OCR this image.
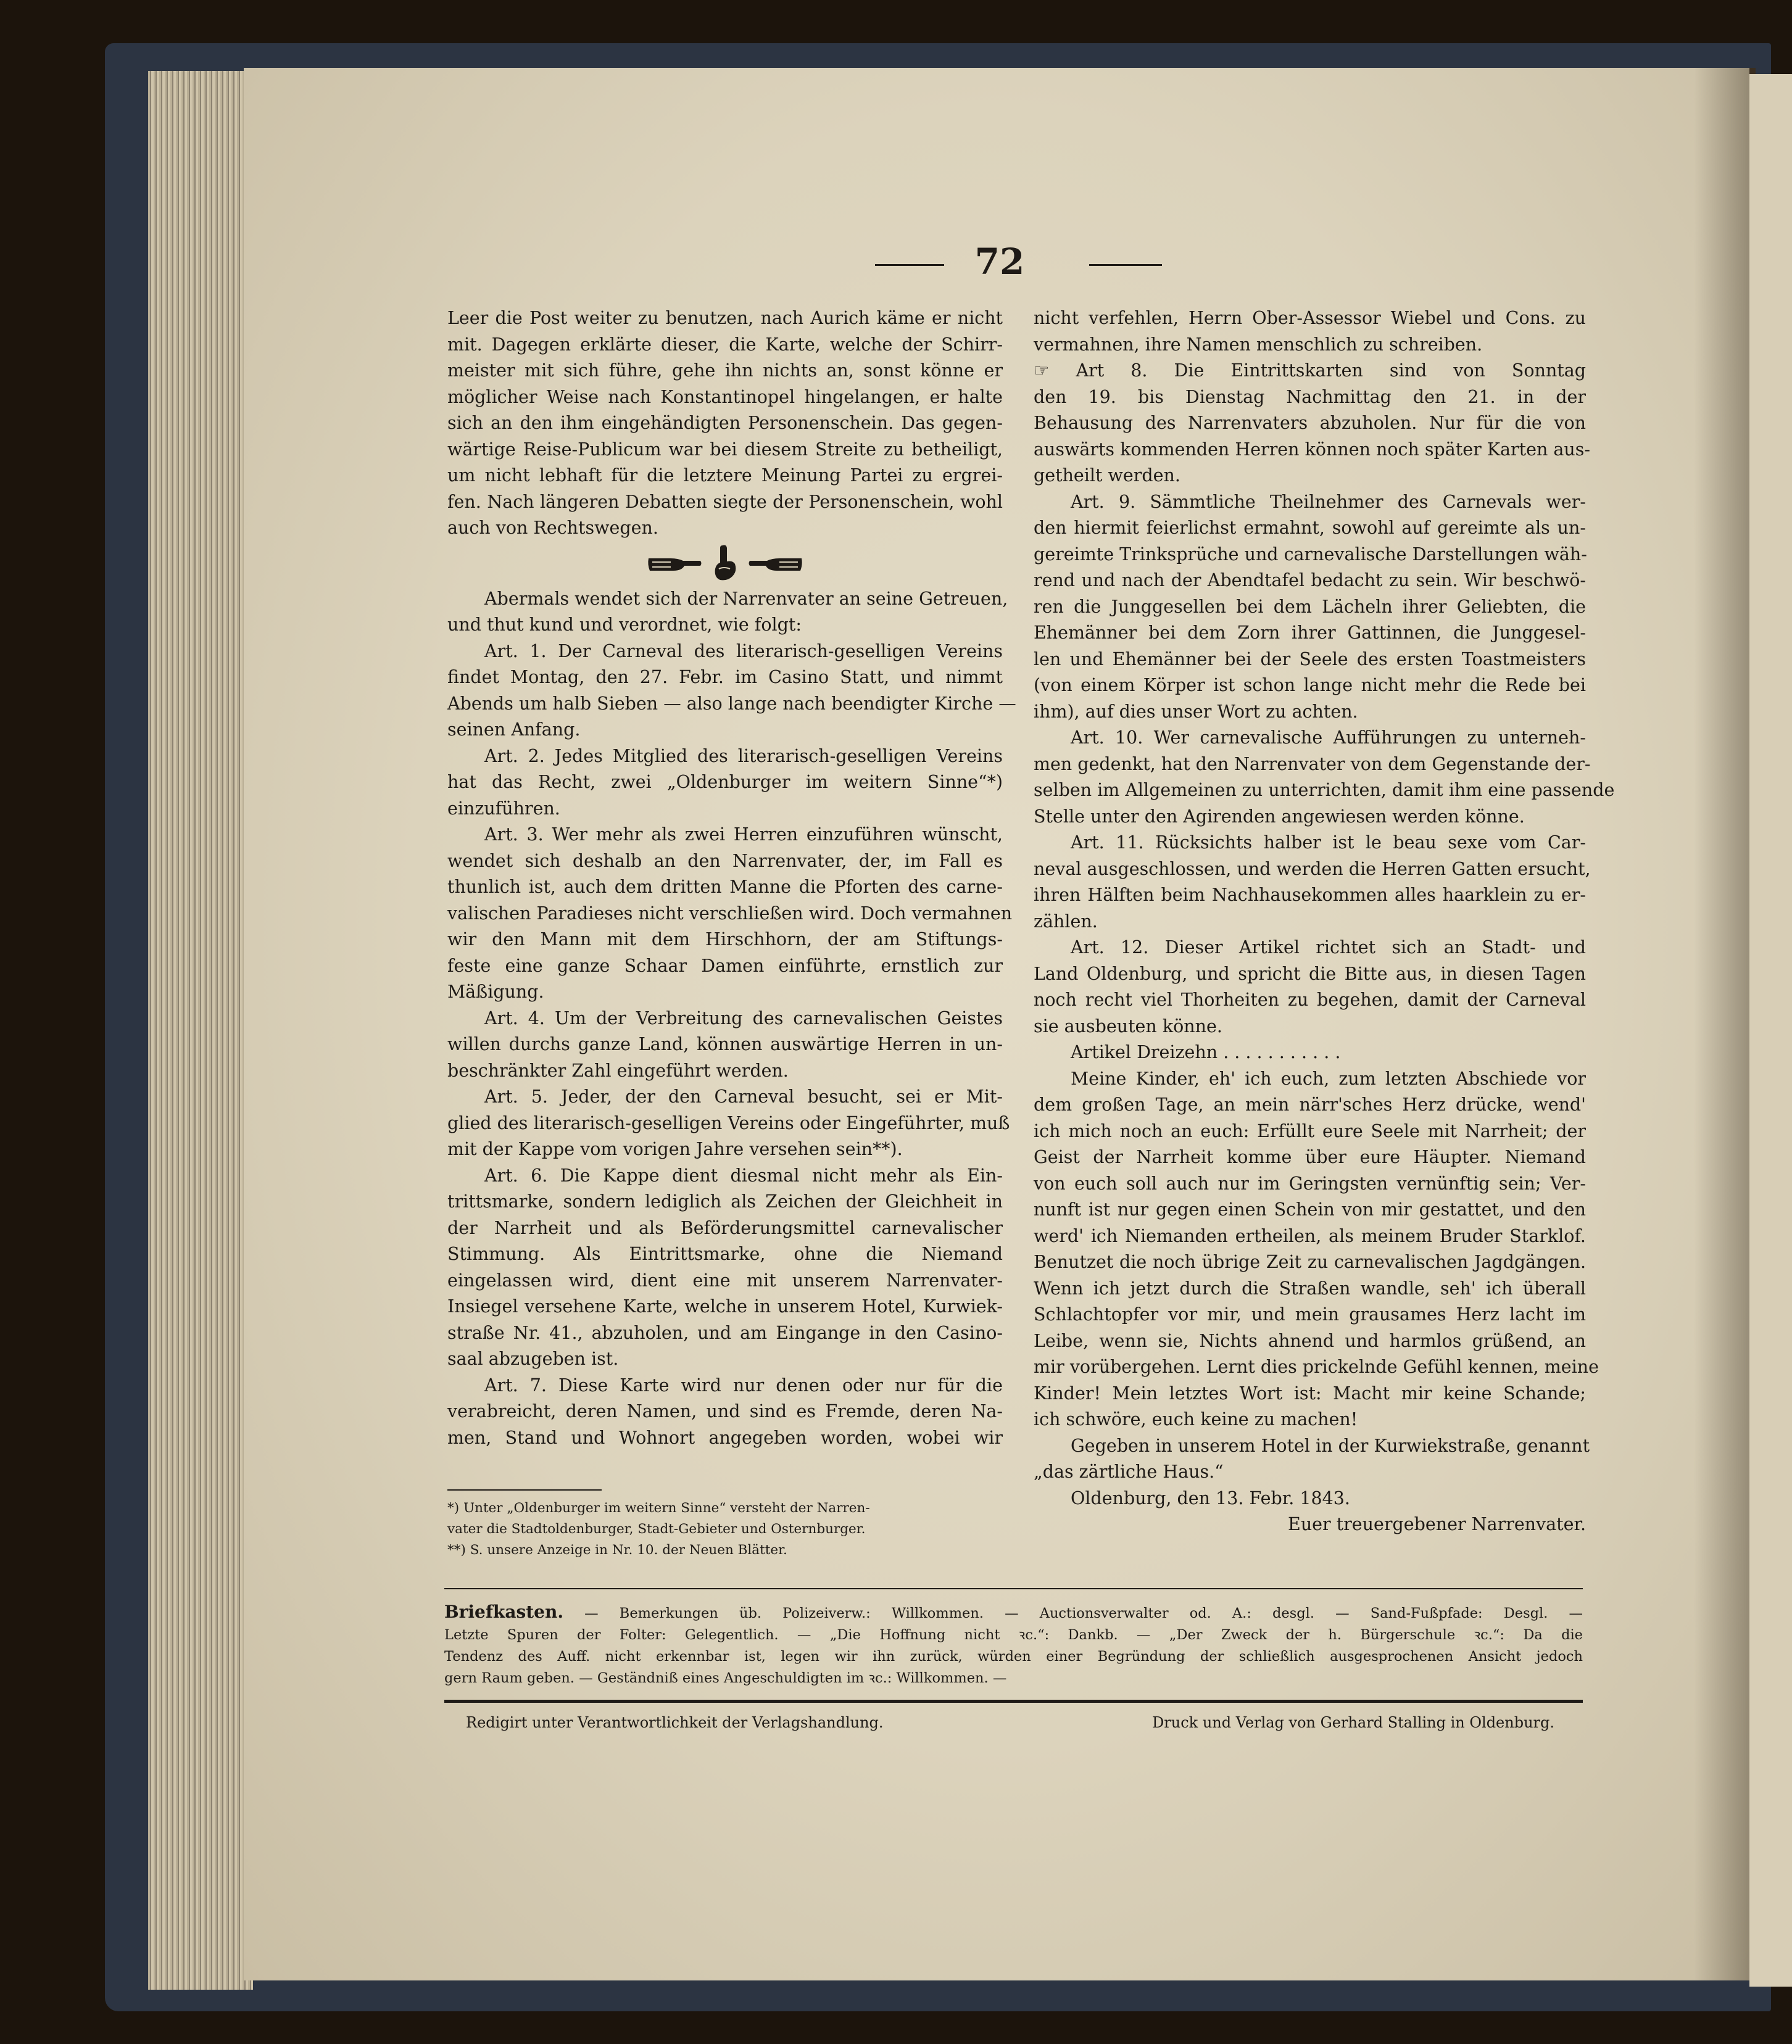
72
Leer die Post weiter zu benutzen, nach Aurich käme er nicht
mit. Dagegen erklärte dieser, die Karte, welche der Schirr-
meister mit sich führe, gehe ihn nichts an, sonst könne er
möglicher Weise nach Konstantinopel hingelangen, er halte
sich an den ihm eingehändigten Personenschein. Das gegen-
wärtige Reise-Publicum war bei diesem Streite zu betheiligt,
um nicht lebhaft für die letztere Meinung Partei zu ergrei-
fen. Nach längeren Debatten siegte der Personenschein, wohl
auch von Rechtswegen.
Abermals wendet sich der Narrenvater an seine Getreuen,
und thut kund und verordnet, wie folgt:
Art. 1. Der Carneval des literarisch-geselligen Vereins
findet Montag, den 27. Febr. im Casino Statt, und nimmt
Abends um halb Sieben — also lange nach beendigter Kirche —
seinen Anfang.
Art. 2. Jedes Mitglied des literarisch-geselligen Vereins
hat das Recht, zwei „Oldenburger im weitern Sinne“*)
einzuführen.
Art. 3. Wer mehr als zwei Herren einzuführen wünscht,
wendet sich deshalb an den Narrenvater, der, im Fall es
thunlich ist, auch dem dritten Manne die Pforten des carne-
valischen Paradieses nicht verschließen wird. Doch vermahnen
wir den Mann mit dem Hirschhorn, der am Stiftungs-
feste eine ganze Schaar Damen einführte, ernstlich zur
Mäßigung.
Art. 4. Um der Verbreitung des carnevalischen Geistes
willen durchs ganze Land, können auswärtige Herren in un-
beschränkter Zahl eingeführt werden.
Art. 5. Jeder, der den Carneval besucht, sei er Mit-
glied des literarisch-geselligen Vereins oder Eingeführter, muß
mit der Kappe vom vorigen Jahre versehen sein**).
Art. 6. Die Kappe dient diesmal nicht mehr als Ein-
trittsmarke, sondern lediglich als Zeichen der Gleichheit in
der Narrheit und als Beförderungsmittel carnevalischer
Stimmung. Als Eintrittsmarke, ohne die Niemand
eingelassen wird, dient eine mit unserem Narrenvater-
Insiegel versehene Karte, welche in unserem Hotel, Kurwiek-
straße Nr. 41., abzuholen, und am Eingange in den Casino-
saal abzugeben ist.
Art. 7. Diese Karte wird nur denen oder nur für die
verabreicht, deren Namen, und sind es Fremde, deren Na-
men, Stand und Wohnort angegeben worden, wobei wir
nicht verfehlen, Herrn Ober-Assessor Wiebel und Cons. zu
vermahnen, ihre Namen menschlich zu schreiben.
☞ Art 8. Die Eintrittskarten sind von Sonntag
den 19. bis Dienstag Nachmittag den 21. in der
Behausung des Narrenvaters abzuholen. Nur für die von
auswärts kommenden Herren können noch später Karten aus-
getheilt werden.
Art. 9. Sämmtliche Theilnehmer des Carnevals wer-
den hiermit feierlichst ermahnt, sowohl auf gereimte als un-
gereimte Trinksprüche und carnevalische Darstellungen wäh-
rend und nach der Abendtafel bedacht zu sein. Wir beschwö-
ren die Junggesellen bei dem Lächeln ihrer Geliebten, die
Ehemänner bei dem Zorn ihrer Gattinnen, die Junggesel-
len und Ehemänner bei der Seele des ersten Toastmeisters
(von einem Körper ist schon lange nicht mehr die Rede bei
ihm), auf dies unser Wort zu achten.
Art. 10. Wer carnevalische Aufführungen zu unterneh-
men gedenkt, hat den Narrenvater von dem Gegenstande der-
selben im Allgemeinen zu unterrichten, damit ihm eine passende
Stelle unter den Agirenden angewiesen werden könne.
Art. 11. Rücksichts halber ist le beau sexe vom Car-
neval ausgeschlossen, und werden die Herren Gatten ersucht,
ihren Hälften beim Nachhausekommen alles haarklein zu er-
zählen.
Art. 12. Dieser Artikel richtet sich an Stadt- und
Land Oldenburg, und spricht die Bitte aus, in diesen Tagen
noch recht viel Thorheiten zu begehen, damit der Carneval
sie ausbeuten könne.
Artikel Dreizehn . . . . . . . . . . .
Meine Kinder, eh' ich euch, zum letzten Abschiede vor
dem großen Tage, an mein närr'sches Herz drücke, wend'
ich mich noch an euch: Erfüllt eure Seele mit Narrheit; der
Geist der Narrheit komme über eure Häupter. Niemand
von euch soll auch nur im Geringsten vernünftig sein; Ver-
nunft ist nur gegen einen Schein von mir gestattet, und den
werd' ich Niemanden ertheilen, als meinem Bruder Starklof.
Benutzet die noch übrige Zeit zu carnevalischen Jagdgängen.
Wenn ich jetzt durch die Straßen wandle, seh' ich überall
Schlachtopfer vor mir, und mein grausames Herz lacht im
Leibe, wenn sie, Nichts ahnend und harmlos grüßend, an
mir vorübergehen. Lernt dies prickelnde Gefühl kennen, meine
Kinder! Mein letztes Wort ist: Macht mir keine Schande;
ich schwöre, euch keine zu machen!
Gegeben in unserem Hotel in der Kurwiekstraße, genannt
„das zärtliche Haus.“
Oldenburg, den 13. Febr. 1843.
Euer treuergebener Narrenvater.
*) Unter „Oldenburger im weitern Sinne“ versteht der Narren-
vater die Stadtoldenburger, Stadt-Gebieter und Osternburger.
**) S. unsere Anzeige in Nr. 10. der Neuen Blätter.
Briefkasten. — Bemerkungen üb. Polizeiverw.: Willkommen. — Auctionsverwalter od. A.: desgl. — Sand-Fußpfade: Desgl. —
Letzte Spuren der Folter: Gelegentlich. — „Die Hoffnung nicht ꝛc.“: Dankb. — „Der Zweck der h. Bürgerschule ꝛc.“: Da die
Tendenz des Auff. nicht erkennbar ist, legen wir ihn zurück, würden einer Begründung der schließlich ausgesprochenen Ansicht jedoch
gern Raum geben. — Geständniß eines Angeschuldigten im ꝛc.: Willkommen. —
Redigirt unter Verantwortlichkeit der Verlagshandlung.	Druck und Verlag von Gerhard Stalling in Oldenburg.
